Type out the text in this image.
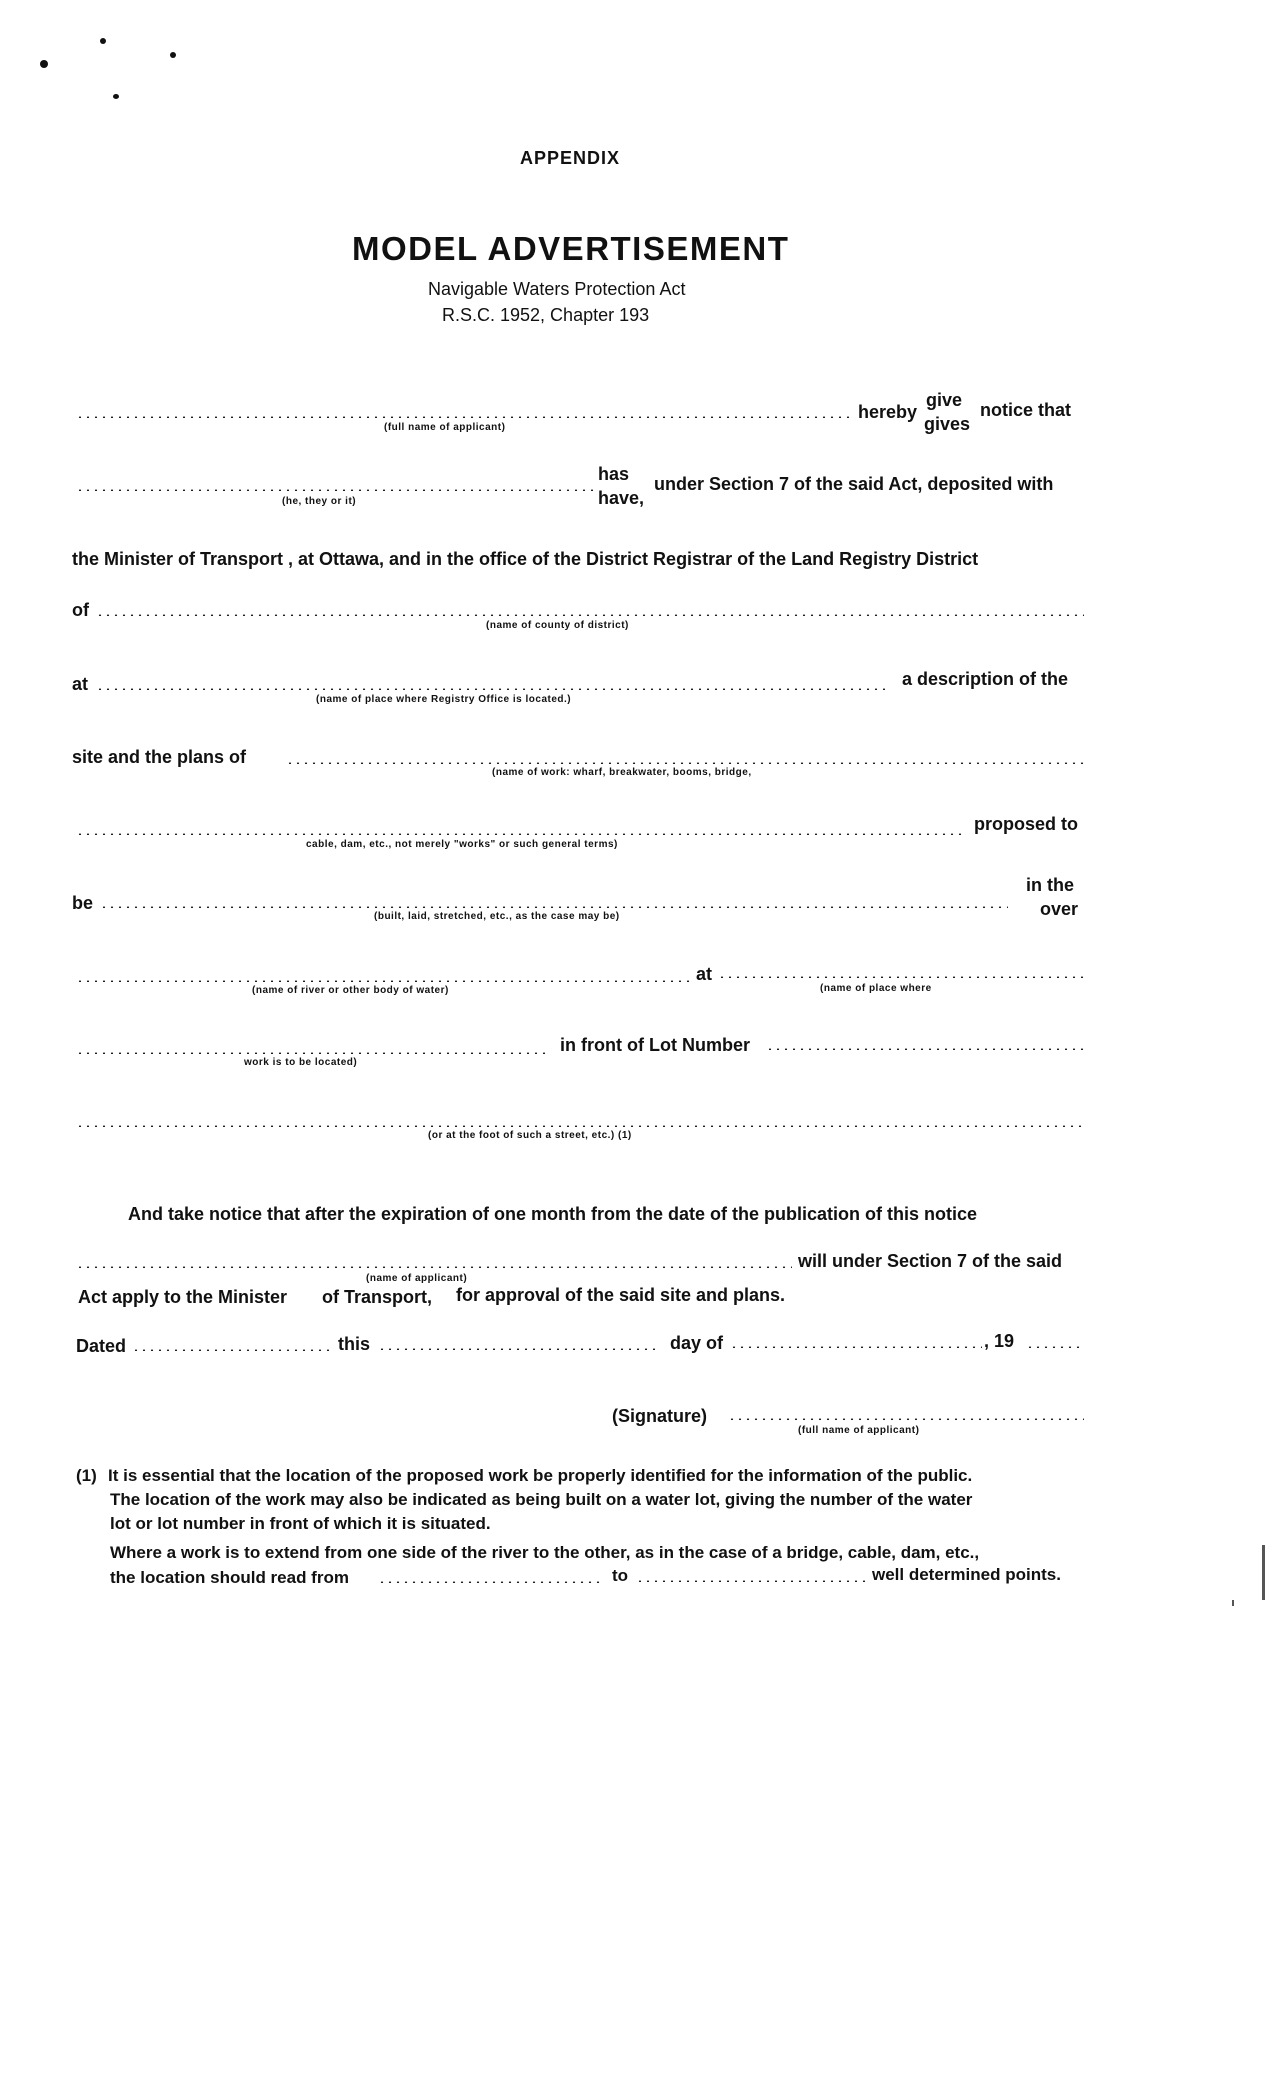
APPENDIX
MODEL ADVERTISEMENT
Navigable Waters Protection Act
R.S.C. 1952, Chapter 193
(full name of applicant)
hereby
give
gives
notice that
(he, they or it)
has
have,
under Section 7 of the said Act, deposited with
the Minister of Transport , at Ottawa, and in the office of the District Registrar of the Land Registry District
of
(name of county of district)
at
(name of place where Registry Office is located.)
a description of the
site and the plans of
(name of work: wharf, breakwater, booms, bridge,
cable, dam, etc., not merely "works" or such general terms)
proposed to
be
(built, laid, stretched, etc., as the case may be)
in the
over
(name of river or other body of water)
at
(name of place where
work is to be located)
in front of Lot Number
(or at the foot of such a street, etc.) (1)
And take notice that after the expiration of one month from the date of the publication of this notice
will under Section 7 of the said
(name of applicant)
Act apply to the Minister of Transport, for approval of the said site and plans.
Dated	this	day of	, 19
(Signature)
(full name of applicant)
(1) It is essential that the location of the proposed work be properly identified for the information of the public.
The location of the work may also be indicated as being built on a water lot, giving the number of the water
lot or lot number in front of which it is situated.
Where a work is to extend from one side of the river to the other, as in the case of a bridge, cable, dam, etc.,
the location should read from	to	well determined points.
